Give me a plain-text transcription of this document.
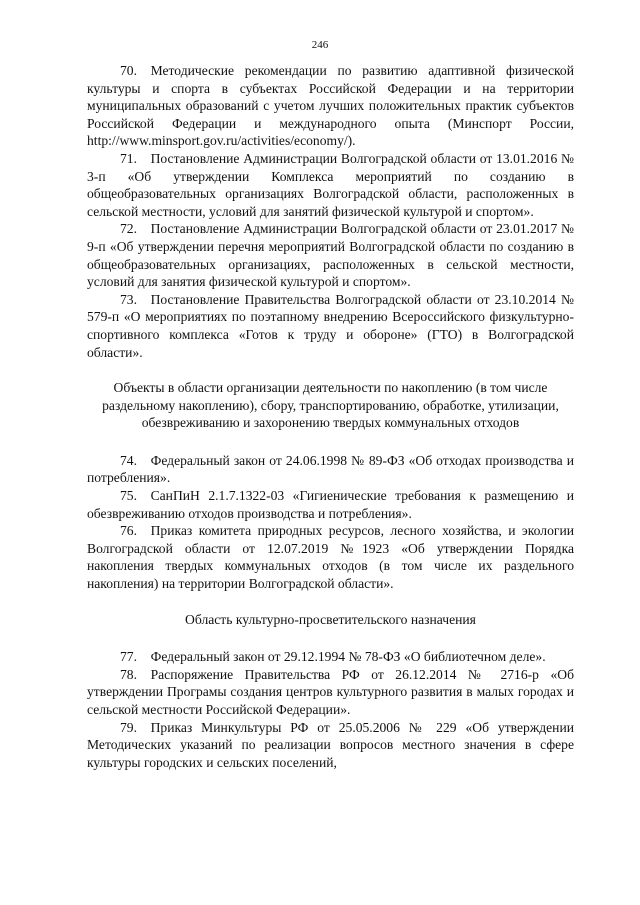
246

70. Методические рекомендации по развитию адаптивной физической культуры и спорта в субъектах Российской Федерации и на территории муниципальных образований с учетом лучших положительных практик субъектов Российской Федерации и международного опыта (Минспорт России, http://www.minsport.gov.ru/activities/economy/).

71. Постановление Администрации Волгоградской области от 13.01.2016 № 3-п «Об утверждении Комплекса мероприятий по созданию в общеобразовательных организациях Волгоградской области, расположенных в сельской местности, условий для занятий физической культурой и спортом».

72. Постановление Администрации Волгоградской области от 23.01.2017 № 9-п «Об утверждении перечня мероприятий Волгоградской области по созданию в общеобразовательных организациях, расположенных в сельской местности, условий для занятия физической культурой и спортом».

73. Постановление Правительства Волгоградской области от 23.10.2014 № 579-п «О мероприятиях по поэтапному внедрению Всероссийского физкультурно-спортивного комплекса «Готов к труду и обороне» (ГТО) в Волгоградской области».

Объекты в области организации деятельности по накоплению (в том числе раздельному накоплению), сбору, транспортированию, обработке, утилизации, обезвреживанию и захоронению твердых коммунальных отходов

74. Федеральный закон от 24.06.1998 № 89-ФЗ «Об отходах производства и потребления».

75. СанПиН 2.1.7.1322-03 «Гигиенические требования к размещению и обезвреживанию отходов производства и потребления».

76. Приказ комитета природных ресурсов, лесного хозяйства, и экологии Волгоградской области от 12.07.2019 №1923 «Об утверждении Порядка накопления твердых коммунальных отходов (в том числе их раздельного накопления) на территории Волгоградской области».

Область культурно-просветительского назначения

77. Федеральный закон от 29.12.1994 № 78-ФЗ «О библиотечном деле».

78. Распоряжение Правительства РФ от 26.12.2014 № 2716-р «Об утверждении Програмы создания центров культурного развития в малых городах и сельской местности Российской Федерации».

79. Приказ Минкультуры РФ от 25.05.2006 № 229 «Об утверждении Методических указаний по реализации вопросов местного значения в сфере культуры городских и сельских поселений,
